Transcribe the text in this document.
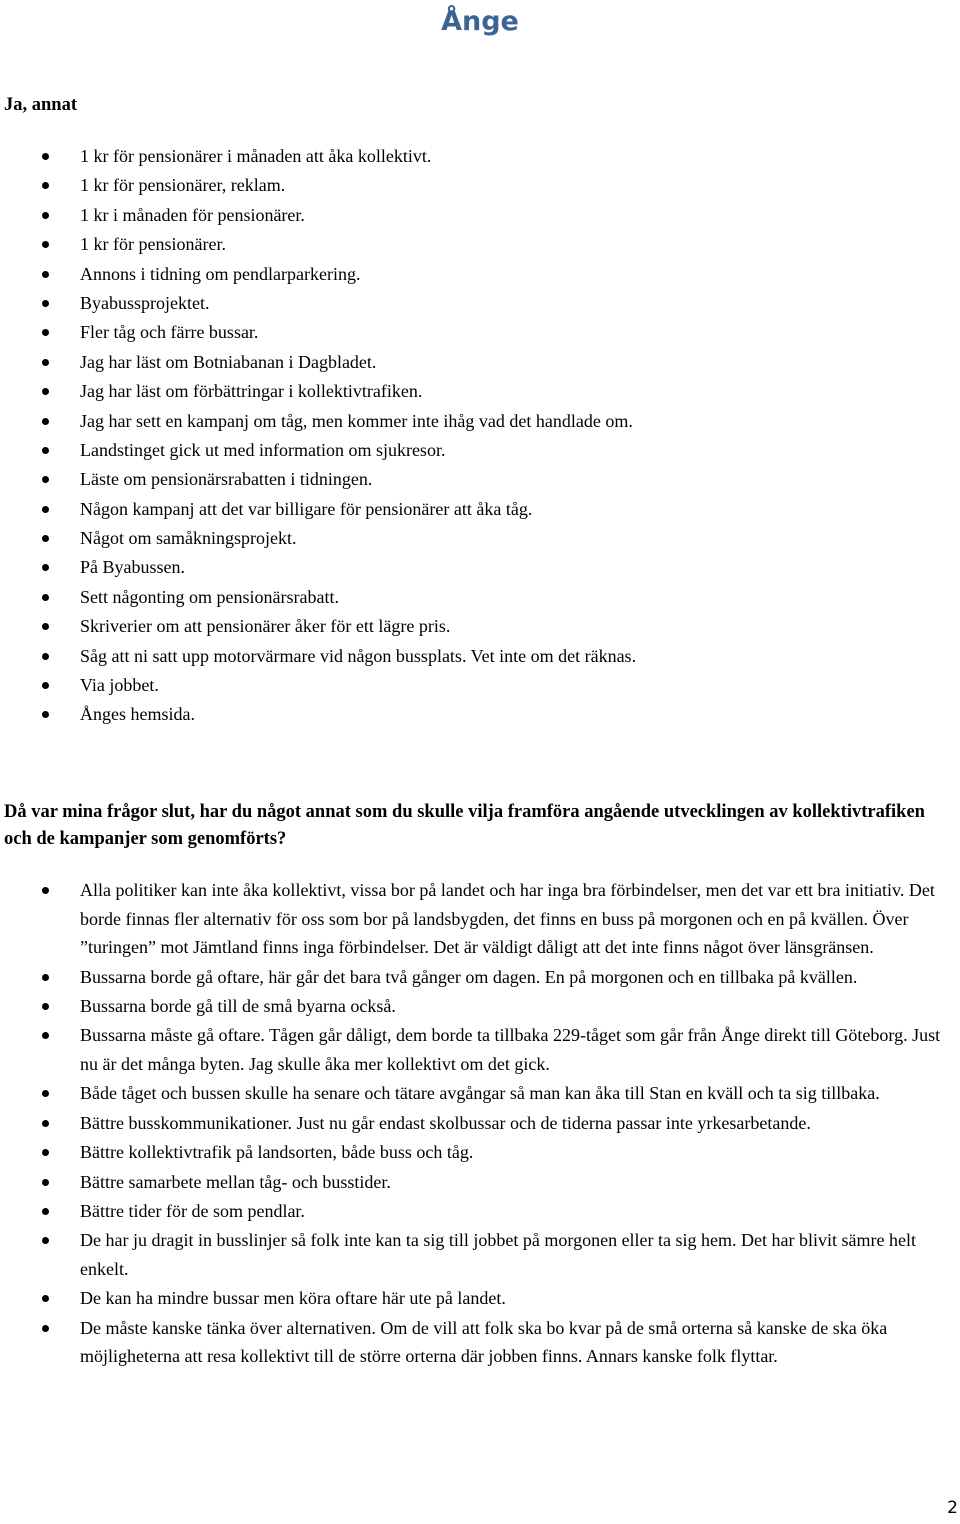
Ånge
Ja, annat
1 kr för pensionärer i månaden att åka kollektivt.
1 kr för pensionärer, reklam.
1 kr i månaden för pensionärer.
1 kr för pensionärer.
Annons i tidning om pendlarparkering.
Byabussprojektet.
Fler tåg och färre bussar.
Jag har läst om Botniabanan i Dagbladet.
Jag har läst om förbättringar i kollektivtrafiken.
Jag har sett en kampanj om tåg, men kommer inte ihåg vad det handlade om.
Landstinget gick ut med information om sjukresor.
Läste om pensionärsrabatten i tidningen.
Någon kampanj att det var billigare för pensionärer att åka tåg.
Något om samåkningsprojekt.
På Byabussen.
Sett någonting om pensionärsrabatt.
Skriverier om att pensionärer åker för ett lägre pris.
Såg att ni satt upp motorvärmare vid någon bussplats. Vet inte om det räknas.
Via jobbet.
Ånges hemsida.
Då var mina frågor slut, har du något annat som du skulle vilja framföra angående utvecklingen av kollektivtrafiken och de kampanjer som genomförts?
Alla politiker kan inte åka kollektivt, vissa bor på landet och har inga bra förbindelser, men det var ett bra initiativ. Det borde finnas fler alternativ för oss som bor på landsbygden, det finns en buss på morgonen och en på kvällen. Över ”turingen” mot Jämtland finns inga förbindelser. Det är väldigt dåligt att det inte finns något över länsgränsen.
Bussarna borde gå oftare, här går det bara två gånger om dagen. En på morgonen och en tillbaka på kvällen.
Bussarna borde gå till de små byarna också.
Bussarna måste gå oftare. Tågen går dåligt, dem borde ta tillbaka 229-tåget som går från Ånge direkt till Göteborg. Just nu är det många byten. Jag skulle åka mer kollektivt om det gick.
Både tåget och bussen skulle ha senare och tätare avgångar så man kan åka till Stan en kväll och ta sig tillbaka.
Bättre busskommunikationer. Just nu går endast skolbussar och de tiderna passar inte yrkesarbetande.
Bättre kollektivtrafik på landsorten, både buss och tåg.
Bättre samarbete mellan tåg- och busstider.
Bättre tider för de som pendlar.
De har ju dragit in busslinjer så folk inte kan ta sig till jobbet på morgonen eller ta sig hem. Det har blivit sämre helt enkelt.
De kan ha mindre bussar men köra oftare här ute på landet.
De måste kanske tänka över alternativen. Om de vill att folk ska bo kvar på de små orterna så kanske de ska öka möjligheterna att resa kollektivt till de större orterna där jobben finns. Annars kanske folk flyttar.
2
